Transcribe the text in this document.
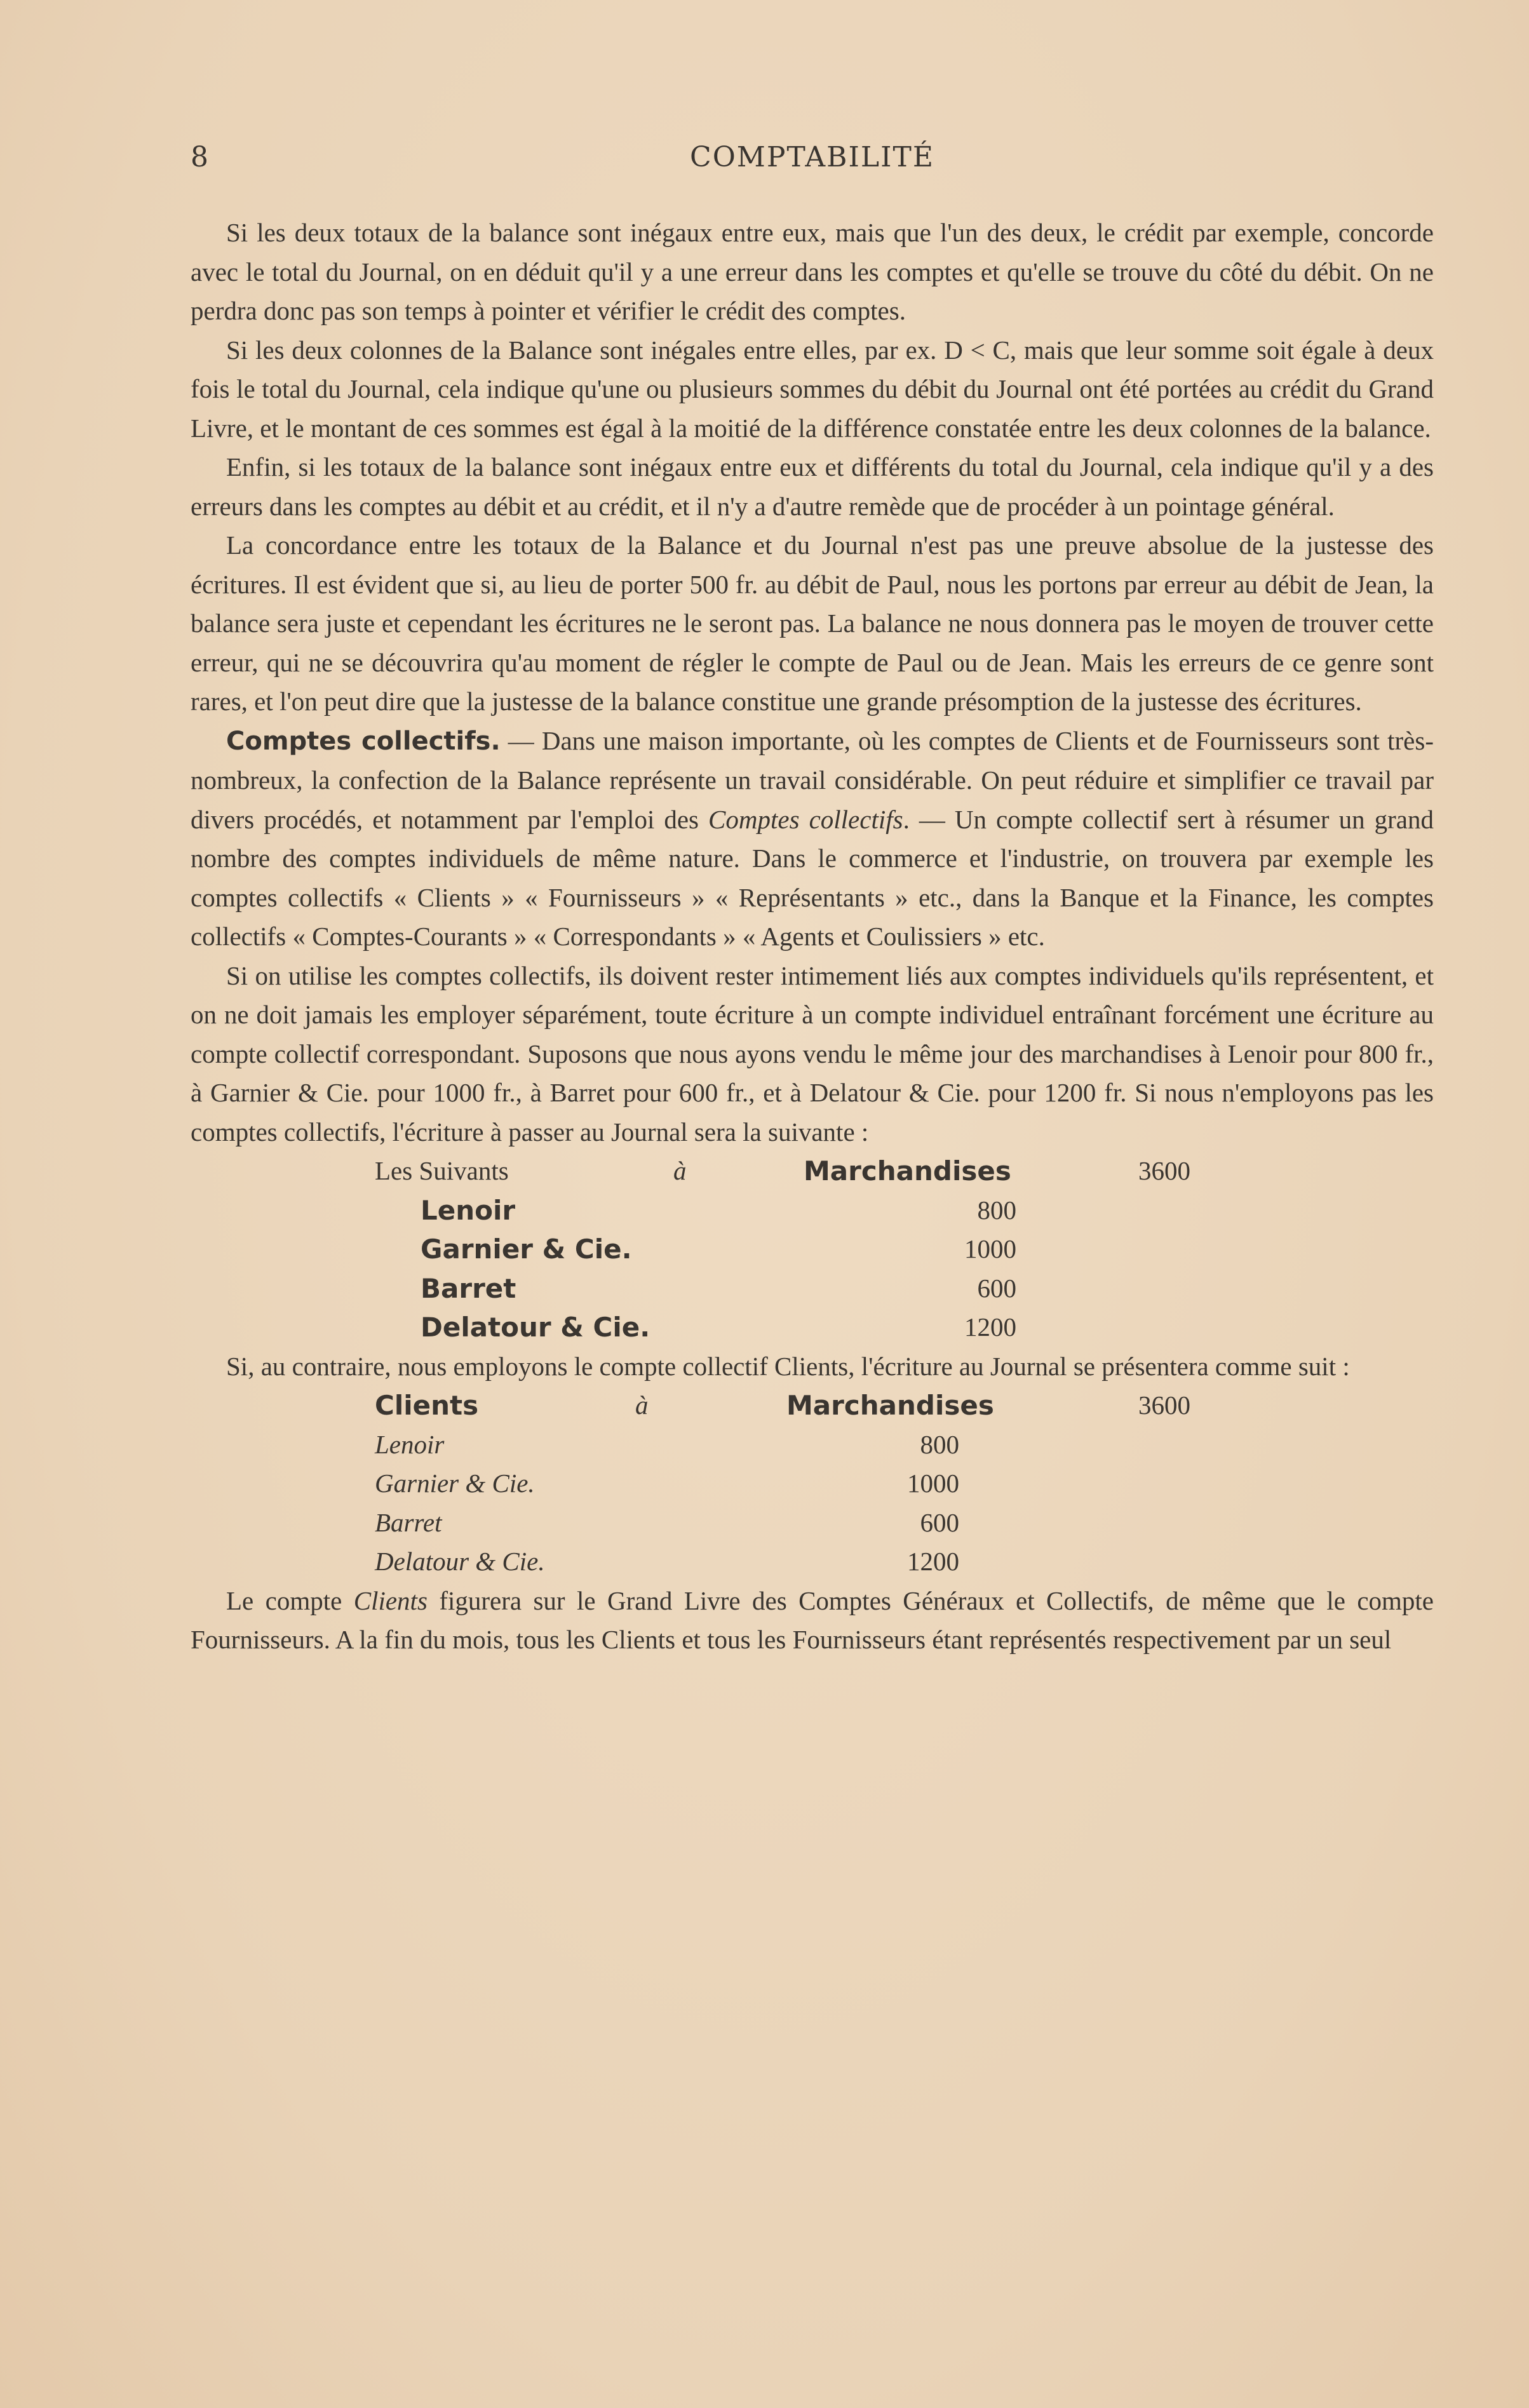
8	COMPTABILITÉ

Si les deux totaux de la balance sont inégaux entre eux, mais que l'un des deux, le crédit par exemple, concorde avec le total du Journal, on en déduit qu'il y a une erreur dans les comptes et qu'elle se trouve du côté du débit. On ne perdra donc pas son temps à pointer et vérifier le crédit des comptes.

Si les deux colonnes de la Balance sont inégales entre elles, par ex. D < C, mais que leur somme soit égale à deux fois le total du Journal, cela indique qu'une ou plusieurs sommes du débit du Journal ont été portées au crédit du Grand Livre, et le montant de ces sommes est égal à la moitié de la différence constatée entre les deux colonnes de la balance.

Enfin, si les totaux de la balance sont inégaux entre eux et différents du total du Journal, cela indique qu'il y a des erreurs dans les comptes au débit et au crédit, et il n'y a d'autre remède que de procéder à un pointage général.

La concordance entre les totaux de la Balance et du Journal n'est pas une preuve absolue de la justesse des écritures. Il est évident que si, au lieu de porter 500 fr. au débit de Paul, nous les portons par erreur au débit de Jean, la balance sera juste et cependant les écritures ne le seront pas. La balance ne nous donnera pas le moyen de trouver cette erreur, qui ne se découvrira qu'au moment de régler le compte de Paul ou de Jean. Mais les erreurs de ce genre sont rares, et l'on peut dire que la justesse de la balance constitue une grande présomption de la justesse des écritures.

Comptes collectifs. — Dans une maison importante, où les comptes de Clients et de Fournisseurs sont très-nombreux, la confection de la Balance représente un travail considérable. On peut réduire et simplifier ce travail par divers procédés, et notamment par l'emploi des Comptes collectifs. — Un compte collectif sert à résumer un grand nombre des comptes individuels de même nature. Dans le commerce et l'industrie, on trouvera par exemple les comptes collectifs « Clients » « Fournisseurs » « Représentants » etc., dans la Banque et la Finance, les comptes collectifs « Comptes-Courants » « Correspondants » « Agents et Coulissiers » etc.

Si on utilise les comptes collectifs, ils doivent rester intimement liés aux comptes individuels qu'ils représentent, et on ne doit jamais les employer séparément, toute écriture à un compte individuel entraînant forcément une écriture au compte collectif correspondant. Suposons que nous ayons vendu le même jour des marchandises à Lenoir pour 800 fr., à Garnier & Cie. pour 1000 fr., à Barret pour 600 fr., et à Delatour & Cie. pour 1200 fr. Si nous n'employons pas les comptes collectifs, l'écriture à passer au Journal sera la suivante :

Les Suivants	à	Marchandises	3600
Lenoir	800
Garnier & Cie.	1000
Barret	600
Delatour & Cie.	1200

Si, au contraire, nous employons le compte collectif Clients, l'écriture au Journal se présentera comme suit :

Clients	à	Marchandises	3600
Lenoir	800
Garnier & Cie.	1000
Barret	600
Delatour & Cie.	1200

Le compte Clients figurera sur le Grand Livre des Comptes Généraux et Collectifs, de même que le compte Fournisseurs. A la fin du mois, tous les Clients et tous les Fournisseurs étant représentés respectivement par un seul
